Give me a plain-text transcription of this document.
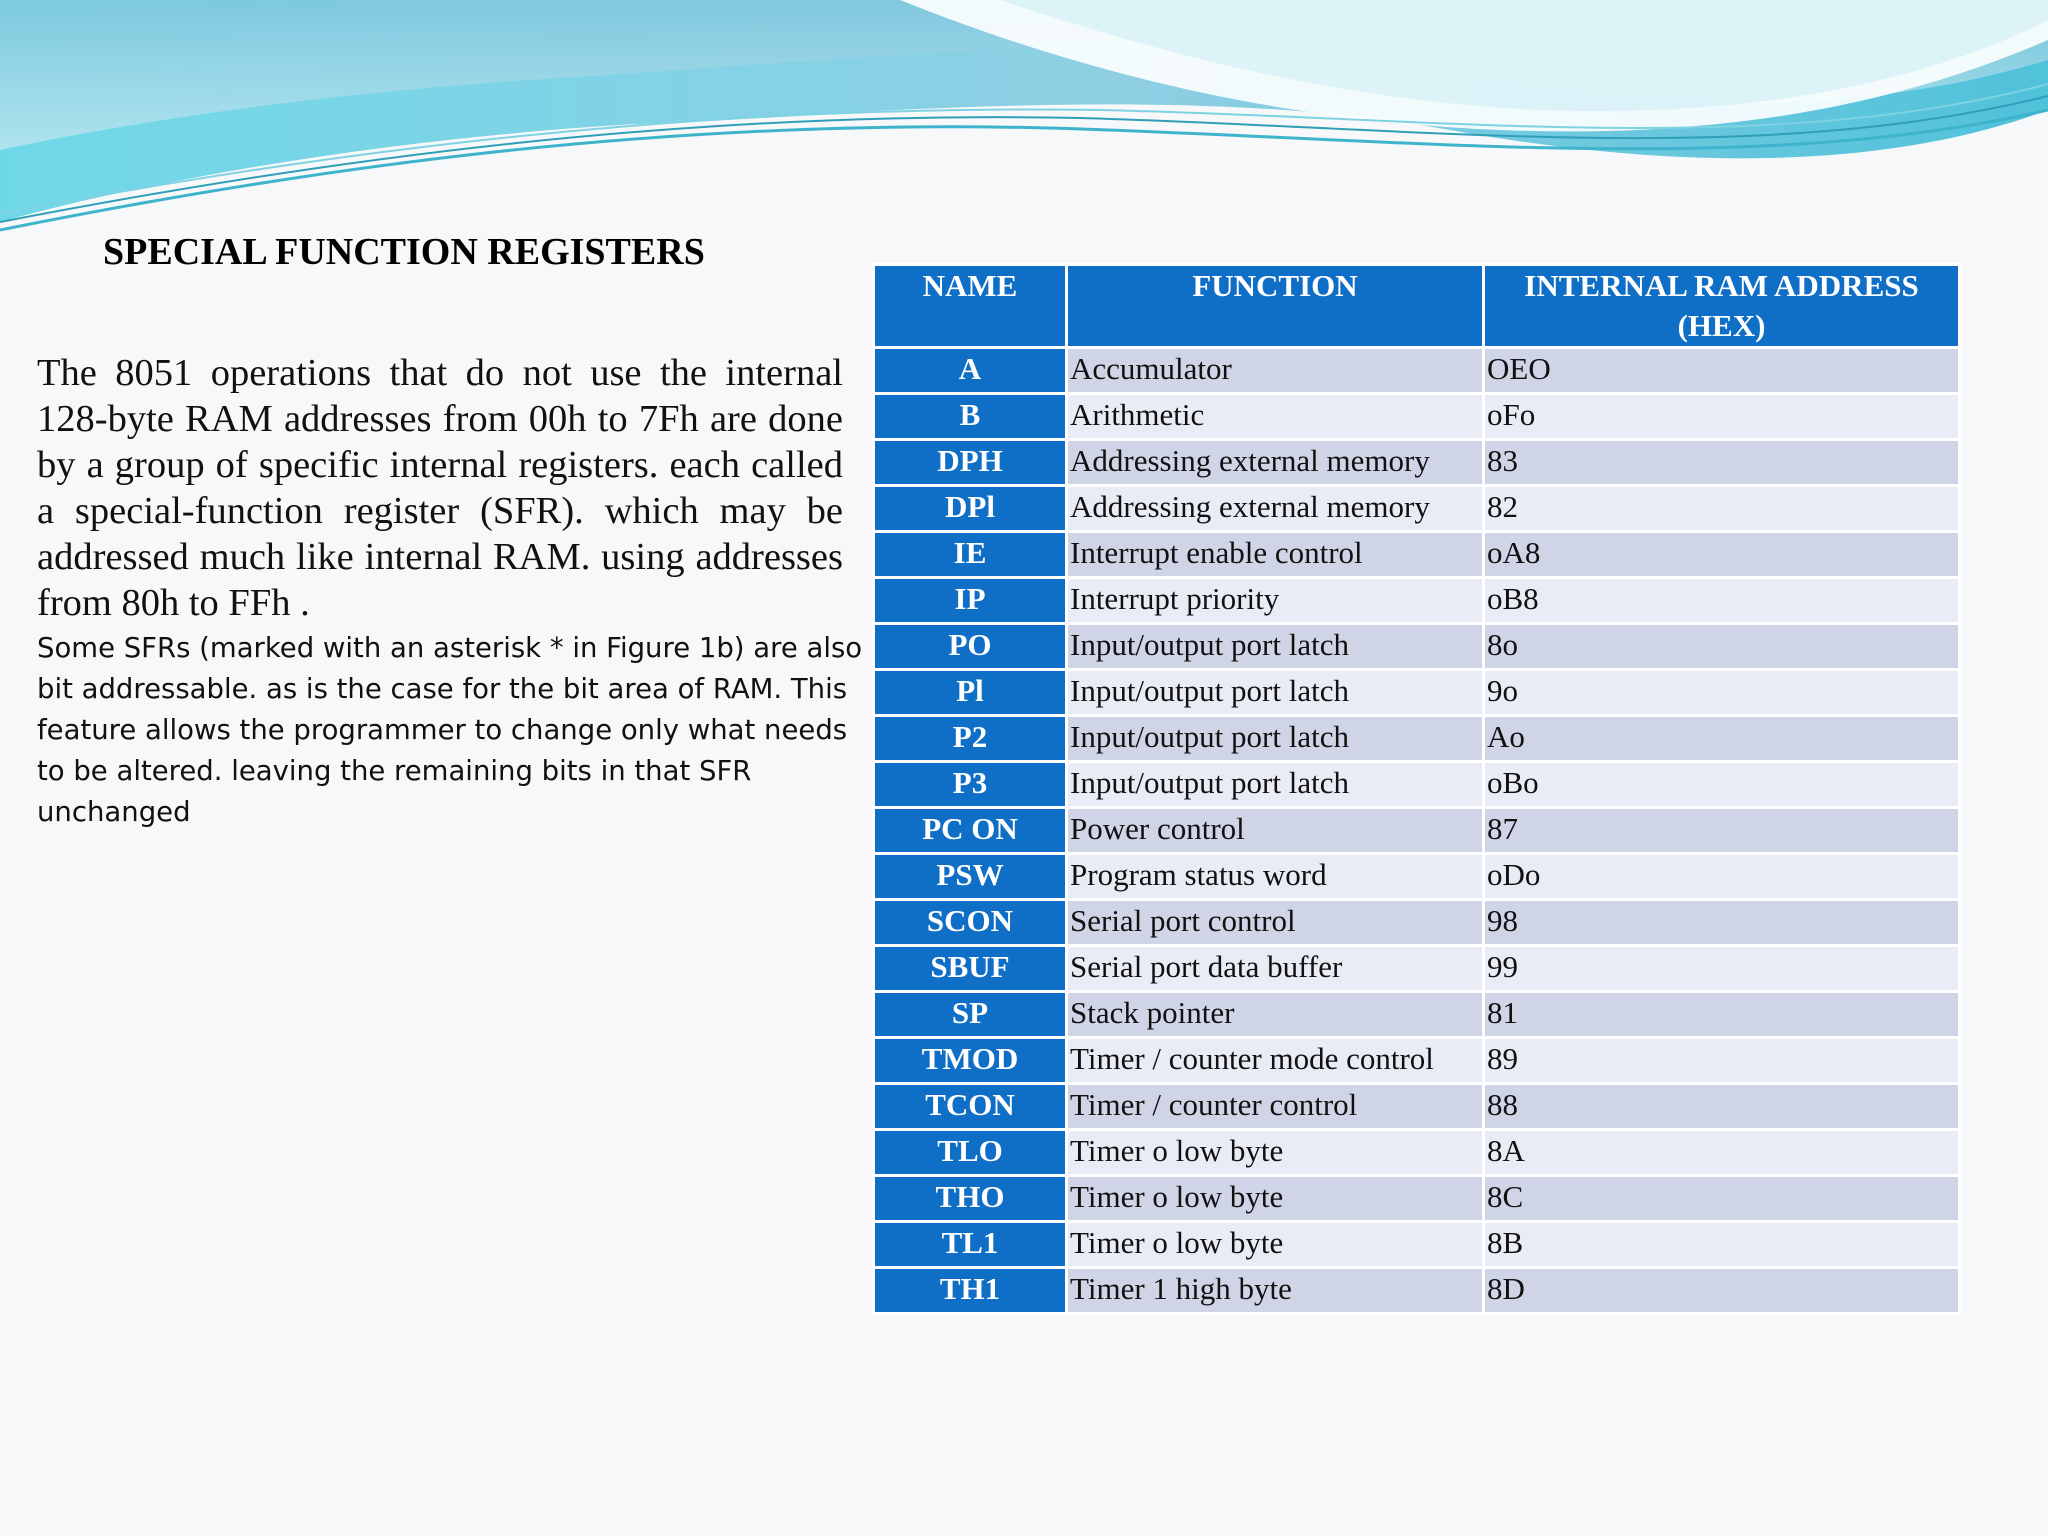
SPECIAL FUNCTION REGISTERS

The 8051 operations that do not use the internal 128-byte RAM addresses from 00h to 7Fh are done by a group of specific internal registers. each called a special-function register (SFR). which may be addressed much like internal RAM. using addresses from 80h to FFh .

Some SFRs (marked with an asterisk * in Figure 1b) are also bit addressable. as is the case for the bit area of RAM. This feature allows the programmer to change only what needs to be altered. leaving the remaining bits in that SFR unchanged

NAME	FUNCTION	INTERNAL RAM ADDRESS (HEX)
A	Accumulator	OEO
B	Arithmetic	oFo
DPH	Addressing external memory	83
DPl	Addressing external memory	82
IE	Interrupt enable control	oA8
IP	Interrupt priority	oB8
PO	Input/output port latch	8o
Pl	Input/output port latch	9o
P2	Input/output port latch	Ao
P3	Input/output port latch	oBo
PC ON	Power control	87
PSW	Program status word	oDo
SCON	Serial port control	98
SBUF	Serial port data buffer	99
SP	Stack pointer	81
TMOD	Timer / counter mode control	89
TCON	Timer / counter control	88
TLO	Timer o low byte	8A
THO	Timer o low byte	8C
TL1	Timer o low byte	8B
TH1	Timer 1 high byte	8D
